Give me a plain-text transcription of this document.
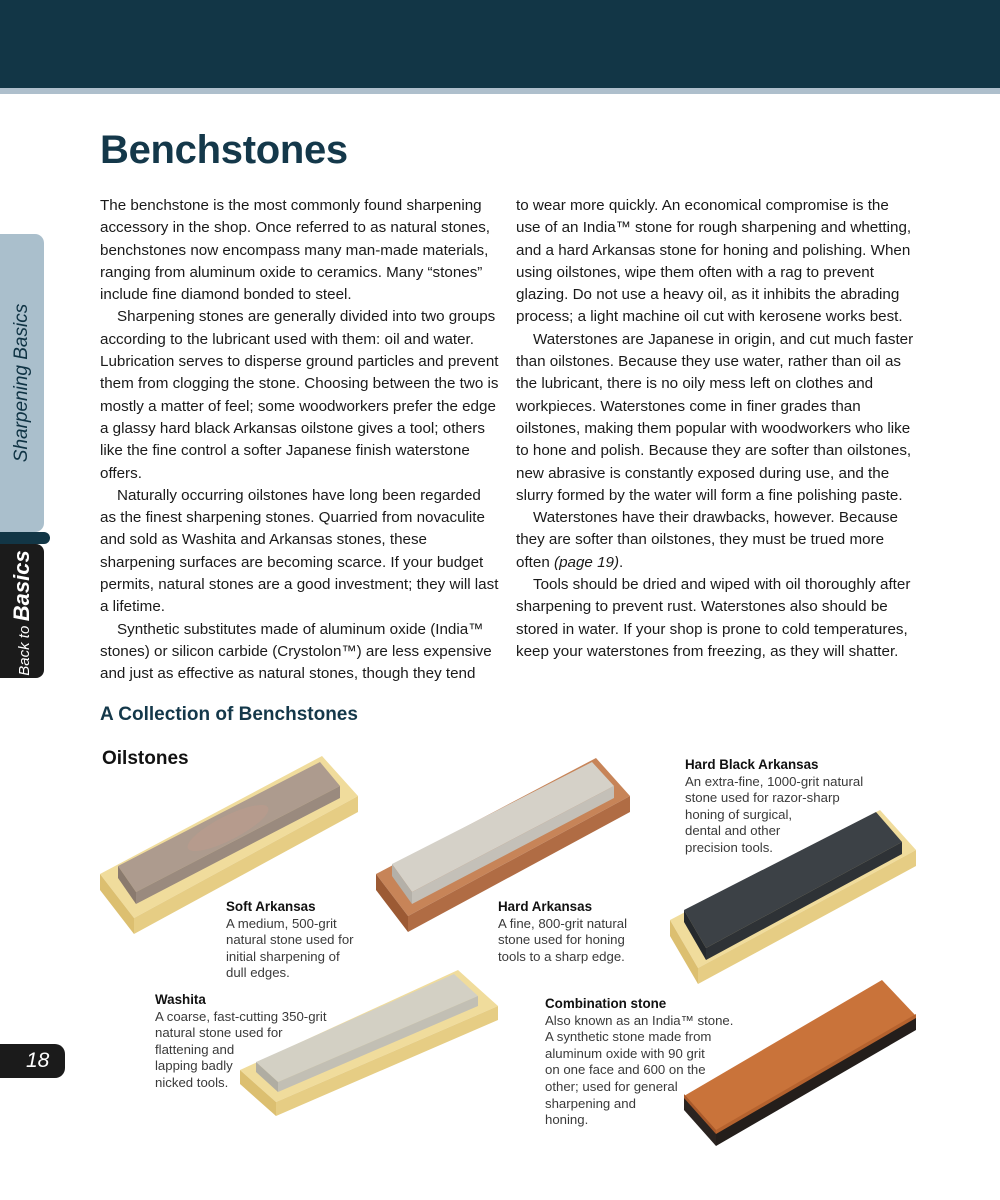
Sharpening Basics
Back to Basics
18
Benchstones

The benchstone is the most commonly found sharpening accessory in the shop. Once referred to as natural stones, benchstones now encompass many man-made materials, ranging from aluminum oxide to ceramics. Many “stones” include fine diamond bonded to steel.

Sharpening stones are generally divided into two groups according to the lubricant used with them: oil and water. Lubrication serves to disperse ground particles and prevent them from clogging the stone. Choosing between the two is mostly a matter of feel; some woodworkers prefer the edge a glassy hard black Arkansas oilstone gives a tool; others like the fine control a softer Japanese finish waterstone offers.

Naturally occurring oilstones have long been regarded as the finest sharpening stones. Quarried from novaculite and sold as Washita and Arkansas stones, these sharpening surfaces are becoming scarce. If your budget permits, natural stones are a good investment; they will last a lifetime.

Synthetic substitutes made of aluminum oxide (India™ stones) or silicon carbide (Crystolon™) are less expensive and just as effective as natural stones, though they tend

to wear more quickly. An economical compromise is the use of an India™ stone for rough sharpening and whetting, and a hard Arkansas stone for honing and polishing. When using oilstones, wipe them often with a rag to prevent glazing. Do not use a heavy oil, as it inhibits the abrading process; a light machine oil cut with kerosene works best.

Waterstones are Japanese in origin, and cut much faster than oilstones. Because they use water, rather than oil as the lubricant, there is no oily mess left on clothes and workpieces. Waterstones come in finer grades than oilstones, making them popular with woodworkers who like to hone and polish. Because they are softer than oilstones, new abrasive is constantly exposed during use, and the slurry formed by the water will form a fine polishing paste.

Waterstones have their drawbacks, however. Because they are softer than oilstones, they must be trued more often (page 19).

Tools should be dried and wiped with oil thoroughly after sharpening to prevent rust. Waterstones also should be stored in water. If your shop is prone to cold temperatures, keep your waterstones from freezing, as they will shatter.

A Collection of Benchstones
Oilstones
Soft Arkansas
A medium, 500-grit
natural stone used for
initial sharpening of
dull edges.
Hard Arkansas
A fine, 800-grit natural
stone used for honing
tools to a sharp edge.
Hard Black Arkansas
An extra-fine, 1000-grit natural
stone used for razor-sharp
honing of surgical,
dental and other
precision tools.
Washita
A coarse, fast-cutting 350-grit
natural stone used for
flattening and
lapping badly
nicked tools.
Combination stone
Also known as an India™ stone.
A synthetic stone made from
aluminum oxide with 90 grit
on one face and 600 on the
other; used for general
sharpening and
honing.
